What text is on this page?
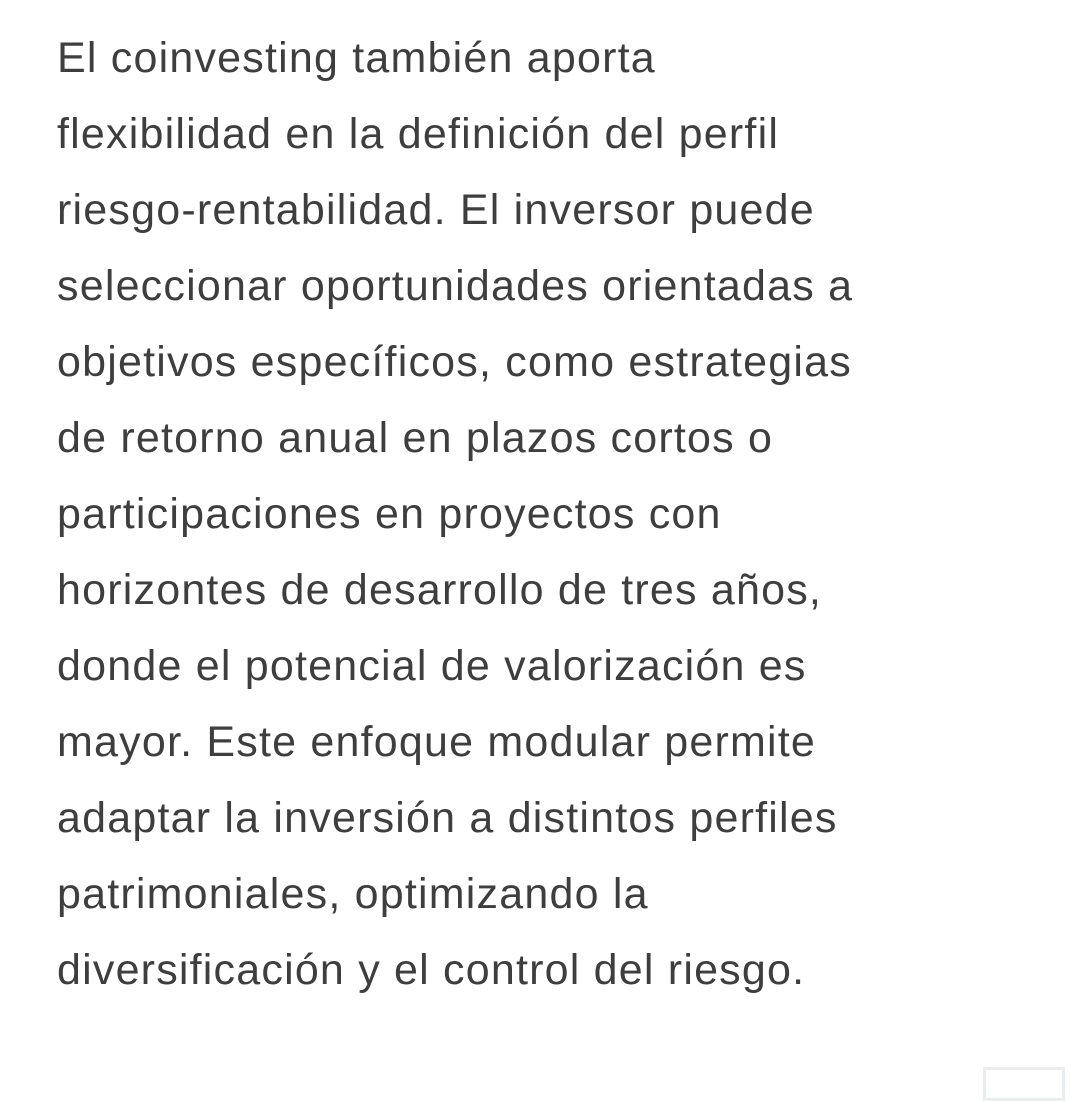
El coinvesting también aporta
flexibilidad en la definición del perfil
riesgo-rentabilidad. El inversor puede
seleccionar oportunidades orientadas a
objetivos específicos, como estrategias
de retorno anual en plazos cortos o
participaciones en proyectos con
horizontes de desarrollo de tres años,
donde el potencial de valorización es
mayor. Este enfoque modular permite
adaptar la inversión a distintos perfiles
patrimoniales, optimizando la
diversificación y el control del riesgo.
